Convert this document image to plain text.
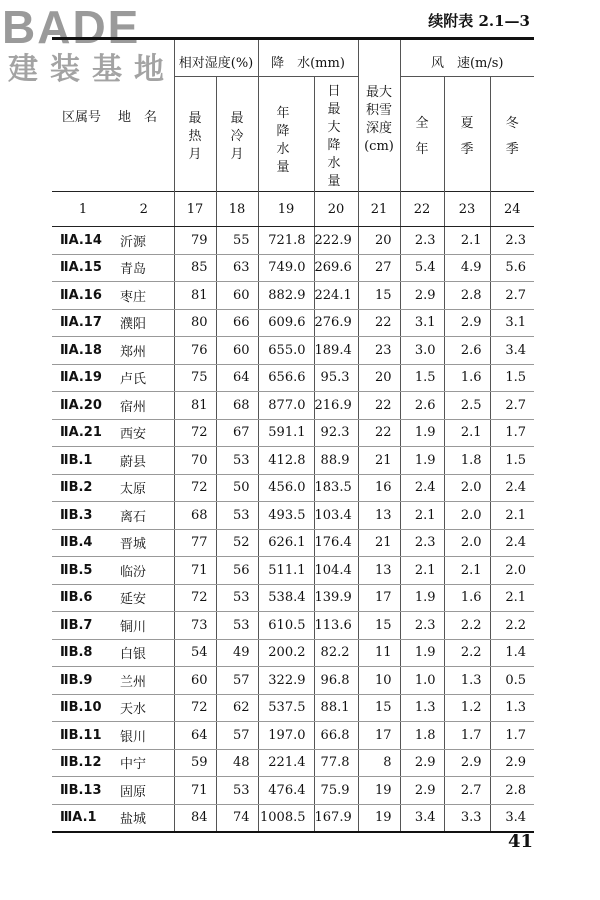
BADE
建装基地
续附表 2.1—3
区属号	地　名	相对湿度(%)		降　水(mm)		最大积雪深度(cm)	风　速(m/s)		
		最热月	最冷月	年降水量	日最大降水量		全年	夏季	冬季
1	2	17	18	19	20	21	22	23	24
ⅡA.14	沂源	79	55	721.8	222.9	20	2.3	2.1	2.3
ⅡA.15	青岛	85	63	749.0	269.6	27	5.4	4.9	5.6
ⅡA.16	枣庄	81	60	882.9	224.1	15	2.9	2.8	2.7
ⅡA.17	濮阳	80	66	609.6	276.9	22	3.1	2.9	3.1
ⅡA.18	郑州	76	60	655.0	189.4	23	3.0	2.6	3.4
ⅡA.19	卢氏	75	64	656.6	95.3	20	1.5	1.6	1.5
ⅡA.20	宿州	81	68	877.0	216.9	22	2.6	2.5	2.7
ⅡA.21	西安	72	67	591.1	92.3	22	1.9	2.1	1.7
ⅡB.1	蔚县	70	53	412.8	88.9	21	1.9	1.8	1.5
ⅡB.2	太原	72	50	456.0	183.5	16	2.4	2.0	2.4
ⅡB.3	离石	68	53	493.5	103.4	13	2.1	2.0	2.1
ⅡB.4	晋城	77	52	626.1	176.4	21	2.3	2.0	2.4
ⅡB.5	临汾	71	56	511.1	104.4	13	2.1	2.1	2.0
ⅡB.6	延安	72	53	538.4	139.9	17	1.9	1.6	2.1
ⅡB.7	铜川	73	53	610.5	113.6	15	2.3	2.2	2.2
ⅡB.8	白银	54	49	200.2	82.2	11	1.9	2.2	1.4
ⅡB.9	兰州	60	57	322.9	96.8	10	1.0	1.3	0.5
ⅡB.10	天水	72	62	537.5	88.1	15	1.3	1.2	1.3
ⅡB.11	银川	64	57	197.0	66.8	17	1.8	1.7	1.7
ⅡB.12	中宁	59	48	221.4	77.8	8	2.9	2.9	2.9
ⅡB.13	固原	71	53	476.4	75.9	19	2.9	2.7	2.8
ⅢA.1	盐城	84	74	1008.5	167.9	19	3.4	3.3	3.4
41
